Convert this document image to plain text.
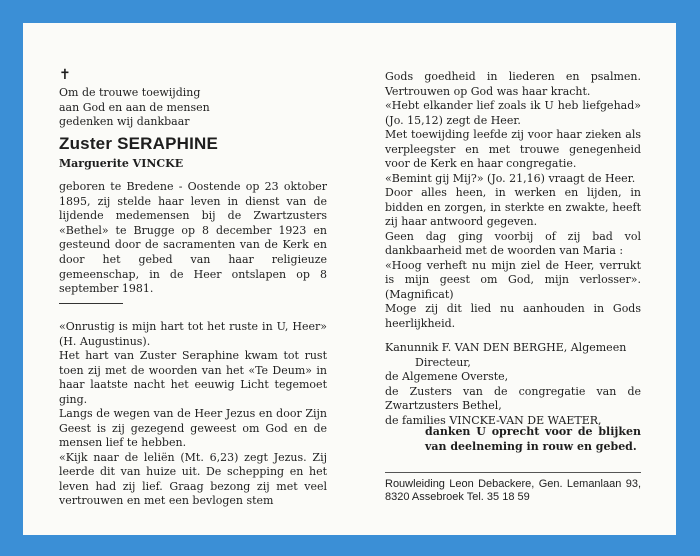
✝
Om de trouwe toewijding
aan God en aan de mensen
gedenken wij dankbaar
Zuster SERAPHINE
Marguerite VINCKE

geboren te Bredene - Oostende op 23 oktober 1895, zij stelde haar leven in dienst van de lijdende medemensen bij de Zwartzusters «Bethel» te Brugge op 8 december 1923 en gesteund door de sacramenten van de Kerk en door het gebed van haar religieuze gemeenschap, in de Heer ontslapen op 8 september 1981.

«Onrustig is mijn hart tot het ruste in U, Heer» (H. Augustinus).

Het hart van Zuster Seraphine kwam tot rust toen zij met de woorden van het «Te Deum» in haar laatste nacht het eeuwig Licht tegemoet ging.

Langs de wegen van de Heer Jezus en door Zijn Geest is zij gezegend geweest om God en de mensen lief te hebben.

«Kijk naar de leliën (Mt. 6,23) zegt Jezus. Zij leerde dit van huize uit. De schepping en het leven had zij lief. Graag bezong zij met veel vertrouwen en met een bevlogen stem

Gods goedheid in liederen en psalmen. Vertrouwen op God was haar kracht.

«Hebt elkander lief zoals ik U heb liefgehad» (Jo. 15,12) zegt de Heer.

Met toewijding leefde zij voor haar zieken als verpleegster en met trouwe genegenheid voor de Kerk en haar congregatie.

«Bemint gij Mij?» (Jo. 21,16) vraagt de Heer.

Door alles heen, in werken en lijden, in bidden en zorgen, in sterkte en zwakte, heeft zij haar antwoord gegeven.

Geen dag ging voorbij of zij bad vol dankbaarheid met de woorden van Maria :

«Hoog verheft nu mijn ziel de Heer, verrukt is mijn geest om God, mijn verlosser». (Magnificat)

Moge zij dit lied nu aanhouden in Gods heerlijkheid.

Kanunnik F. VAN DEN BERGHE, Algemeen
Directeur,
de Algemene Overste,
de Zusters van de congregatie van de Zwartzusters Bethel,
de families VINCKE-VAN DE WAETER,

danken U oprecht voor de blijken van deelneming in rouw en gebed.

Rouwleiding Leon Debackere, Gen. Lemanlaan 93, 8320 Assebroek Tel. 35 18 59
